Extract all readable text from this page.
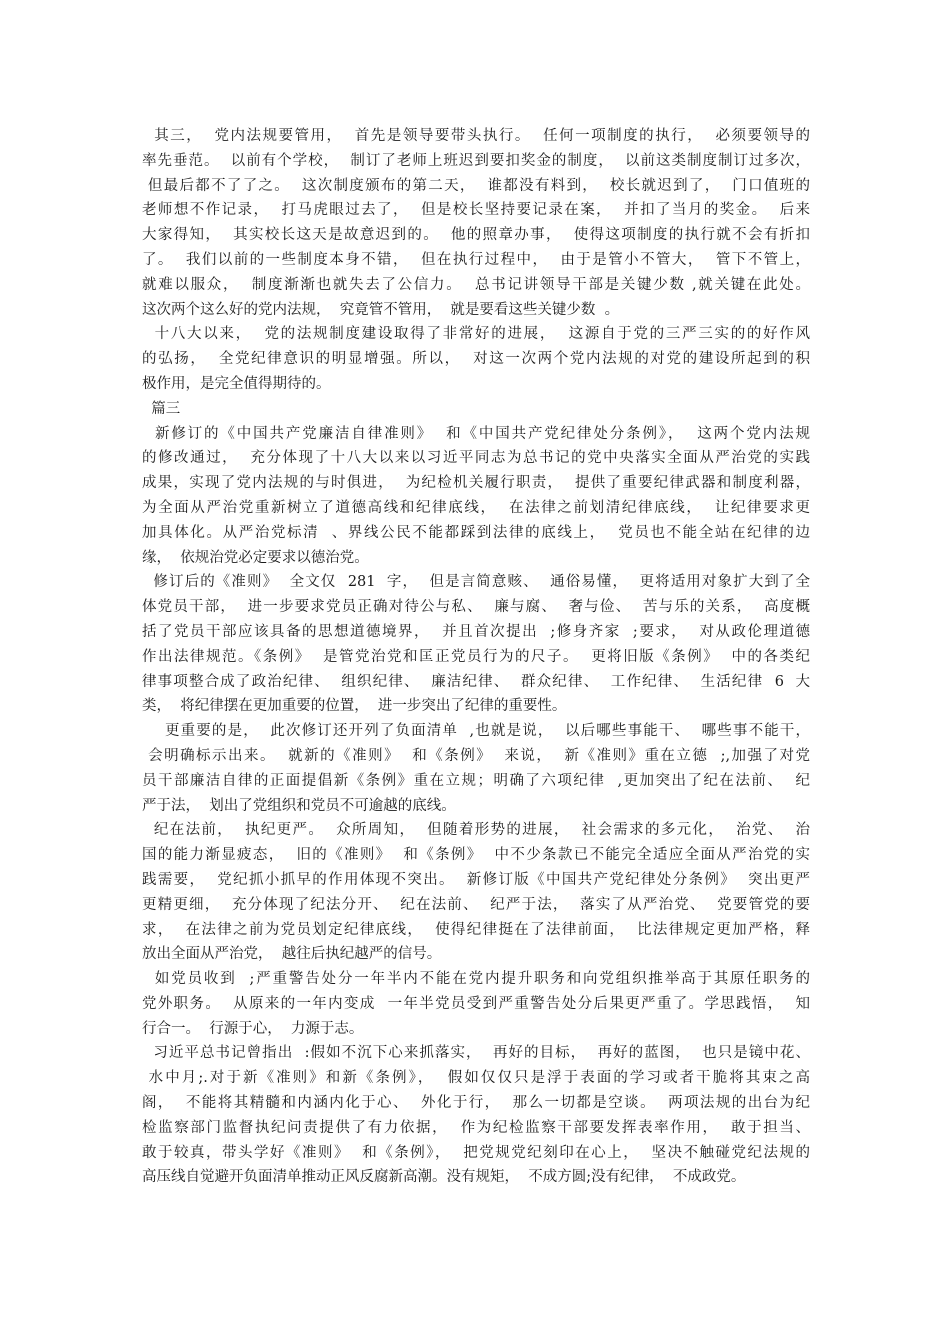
其三，  党内法规要管用，  首先是领导要带头执行。  任何一项制度的执行，  必须要领导的
率先垂范。  以前有个学校，  制订了老师上班迟到要扣奖金的制度，  以前这类制度制订过多次，
但最后都不了了之。  这次制度颁布的第二天，  谁都没有料到，  校长就迟到了，  门口值班的
老师想不作记录，  打马虎眼过去了，  但是校长坚持要记录在案，  并扣了当月的奖金。  后来
大家得知，  其实校长这天是故意迟到的。  他的照章办事，  使得这项制度的执行就不会有折扣
了。  我们以前的一些制度本身不错，  但在执行过程中，  由于是管小不管大，  管下不管上，
就难以服众，  制度渐渐也就失去了公信力。  总书记讲领导干部是关键少数 ,就关键在此处。
这次两个这么好的党内法规，  究竟管不管用，  就是要看这些关键少数  。
十八大以来，  党的法规制度建设取得了非常好的进展，  这源自于党的三严三实的的好作风
的弘扬，  全党纪律意识的明显增强。所以，  对这一次两个党内法规的对党的建设所起到的积
极作用，是完全值得期待的。
篇三
新修订的《中国共产党廉洁自律准则》  和《中国共产党纪律处分条例》，  这两个党内法规
的修改通过，  充分体现了十八大以来以习近平同志为总书记的党中央落实全面从严治党的实践
成果，实现了党内法规的与时俱进，  为纪检机关履行职责，  提供了重要纪律武器和制度利器，
为全面从严治党重新树立了道德高线和纪律底线，  在法律之前划清纪律底线，  让纪律要求更
加具体化。从严治党标清  、界线公民不能都踩到法律的底线上，  党员也不能全站在纪律的边
缘，  依规治党必定要求以德治党。
修订后的《准则》  全文仅  281  字，  但是言简意赅、  通俗易懂，  更将适用对象扩大到了全
体党员干部，  进一步要求党员正确对待公与私、  廉与腐、  奢与俭、  苦与乐的关系，  高度概
括了党员干部应该具备的思想道德境界，  并且首次提出  ;修身齐家  ;要求，  对从政伦理道德
作出法律规范。《条例》  是管党治党和匡正党员行为的尺子。  更将旧版《条例》  中的各类纪
律事项整合成了政治纪律、  组织纪律、  廉洁纪律、  群众纪律、  工作纪律、  生活纪律  6  大
类，  将纪律摆在更加重要的位置，  进一步突出了纪律的重要性。
更重要的是，  此次修订还开列了负面清单  ,也就是说，  以后哪些事能干、  哪些事不能干，
会明确标示出来。  就新的《准则》  和《条例》  来说，  新《准则》重在立德  ;,加强了对党
员干部廉洁自律的正面提倡新《条例》重在立规；明确了六项纪律  ,更加突出了纪在法前、  纪
严于法，  划出了党组织和党员不可逾越的底线。
纪在法前，  执纪更严。  众所周知，  但随着形势的进展，  社会需求的多元化，  治党、  治
国的能力渐显疲态，  旧的《准则》  和《条例》  中不少条款已不能完全适应全面从严治党的实
践需要，  党纪抓小抓早的作用体现不突出。  新修订版《中国共产党纪律处分条例》  突出更严
更精更细，  充分体现了纪法分开、  纪在法前、  纪严于法，  落实了从严治党、  党要管党的要
求，  在法律之前为党员划定纪律底线，  使得纪律挺在了法律前面，  比法律规定更加严格，释
放出全面从严治党，  越往后执纪越严的信号。
如党员收到  ;严重警告处分一年半内不能在党内提升职务和向党组织推举高于其原任职务的
党外职务。  从原来的一年内变成  一年半党员受到严重警告处分后果更严重了。学思践悟，  知
行合一。  行源于心，  力源于志。
习近平总书记曾指出  :假如不沉下心来抓落实，  再好的目标，  再好的蓝图，  也只是镜中花、
水中月;.对于新《准则》和新《条例》，  假如仅仅只是浮于表面的学习或者干脆将其束之高
阁，  不能将其精髓和内涵内化于心、  外化于行，  那么一切都是空谈。  两项法规的出台为纪
检监察部门监督执纪问责提供了有力依据，  作为纪检监察干部要发挥表率作用，  敢于担当、
敢于较真，带头学好《准则》  和《条例》，  把党规党纪刻印在心上，  坚决不触碰党纪法规的
高压线自觉避开负面清单推动正风反腐新高潮。没有规矩，  不成方圆;没有纪律，  不成政党。
